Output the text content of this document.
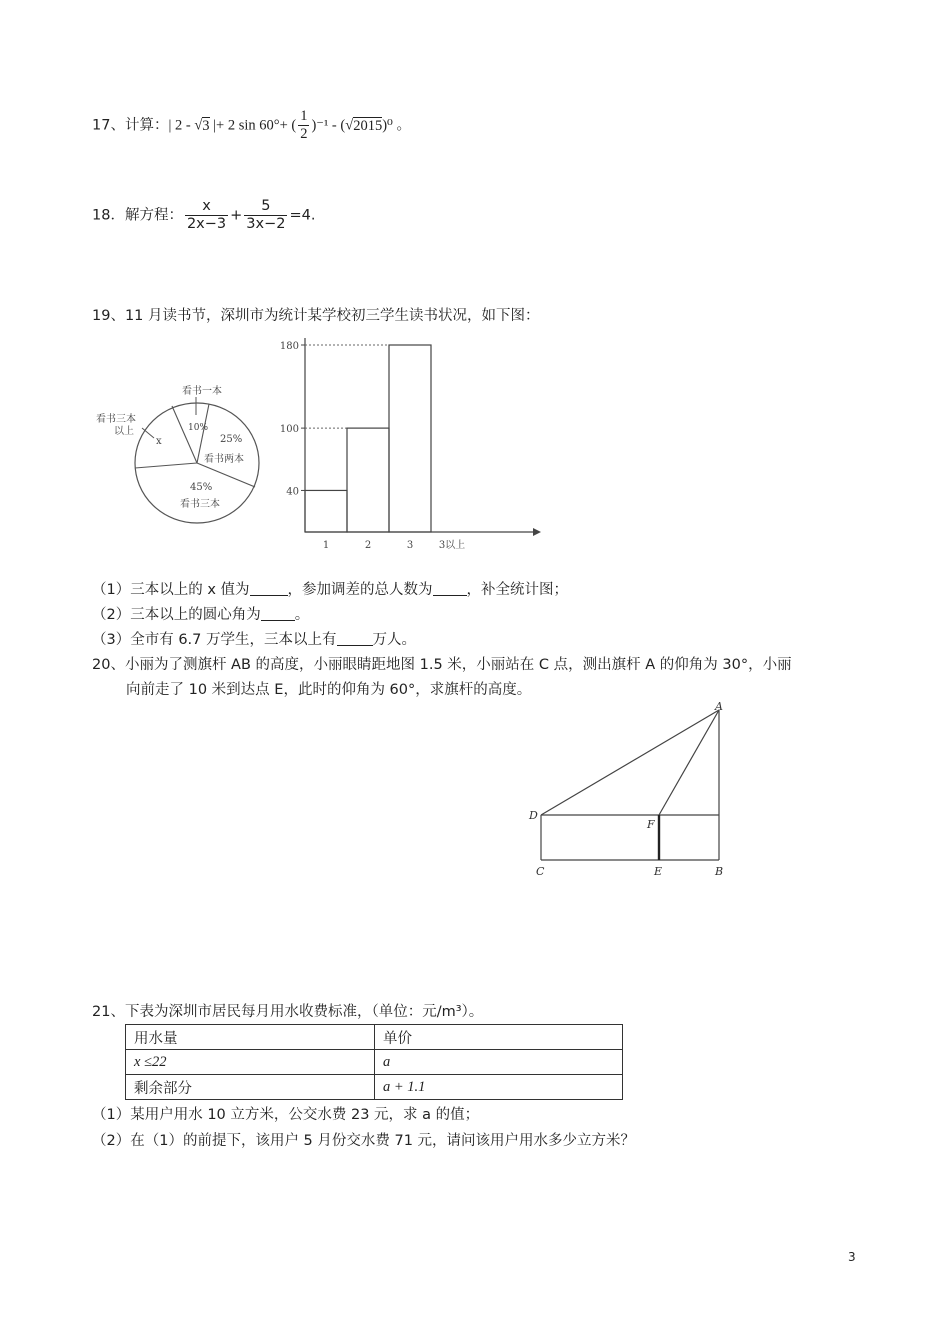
17、计算：| 2 - √3 |+ 2 sin 60°+ ( $\frac{1}{2} )^{-1} - (√2015)^0$ 。
18．解方程： $\frac{x}{2x-3} + \frac{5}{3x-2} =4$.
19、11 月读书节，深圳市为统计某学校初三学生读书状况，如下图：
看书一本
看书三本
以上
x
10%
25%
看书两本
45%
看书三本
40
100
180
1	2	3	3以上
（1）三本以上的 x 值为	，参加调差的总人数为 ，补全统计图；
（2）三本以上的圆心角为 。
（3）全市有 6.7 万学生，三本以上有 万人。
20、小丽为了测旗杆 AB 的高度，小丽眼睛距地图 1.5 米，小丽站在 C 点，测出旗杆 A 的仰角为 30°，小丽
向前走了 10 米到达点 E，此时的仰角为 60°，求旗杆的高度。
A
D
F
C	E	B
21、下表为深圳市居民每月用水收费标准，（单位：元/m³）。
用水量	单价
x ≤22	a
剩余部分	a + 1.1
（1）某用户用水 10 立方米，公交水费 23 元，求 a 的值；
（2）在（1）的前提下，该用户 5 月份交水费 71 元，请问该用户用水多少立方米？
3
